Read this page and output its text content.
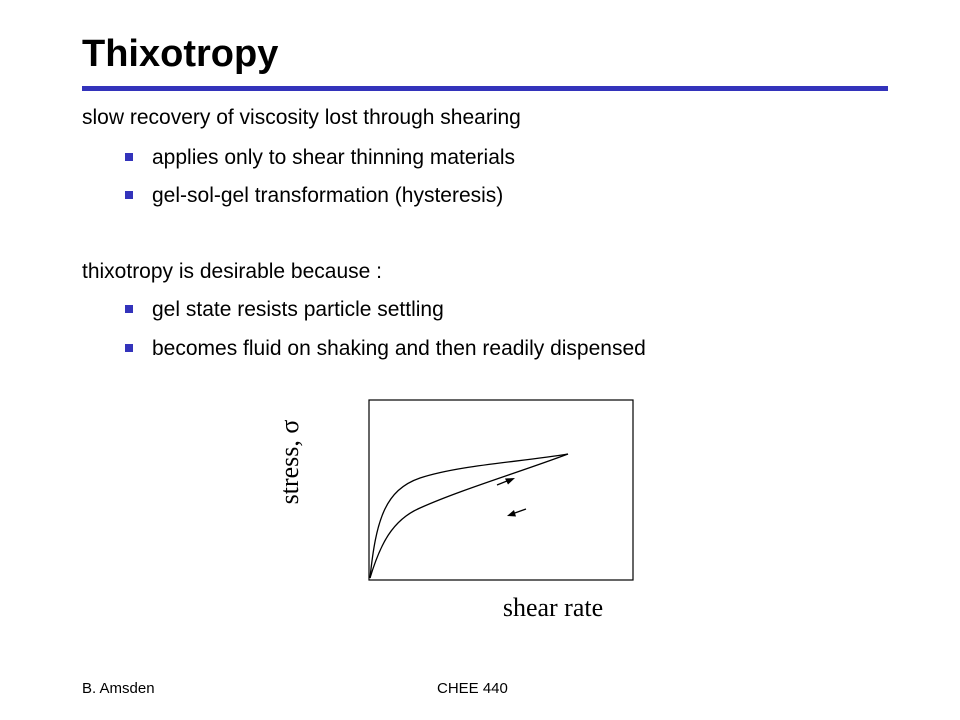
Thixotropy
slow recovery of viscosity lost through shearing
applies only to shear thinning materials
gel-sol-gel transformation (hysteresis)
thixotropy is desirable because :
gel state resists particle settling
becomes fluid on shaking and then readily dispensed
stress, σ
shear rate
B. Amsden	CHEE 440
